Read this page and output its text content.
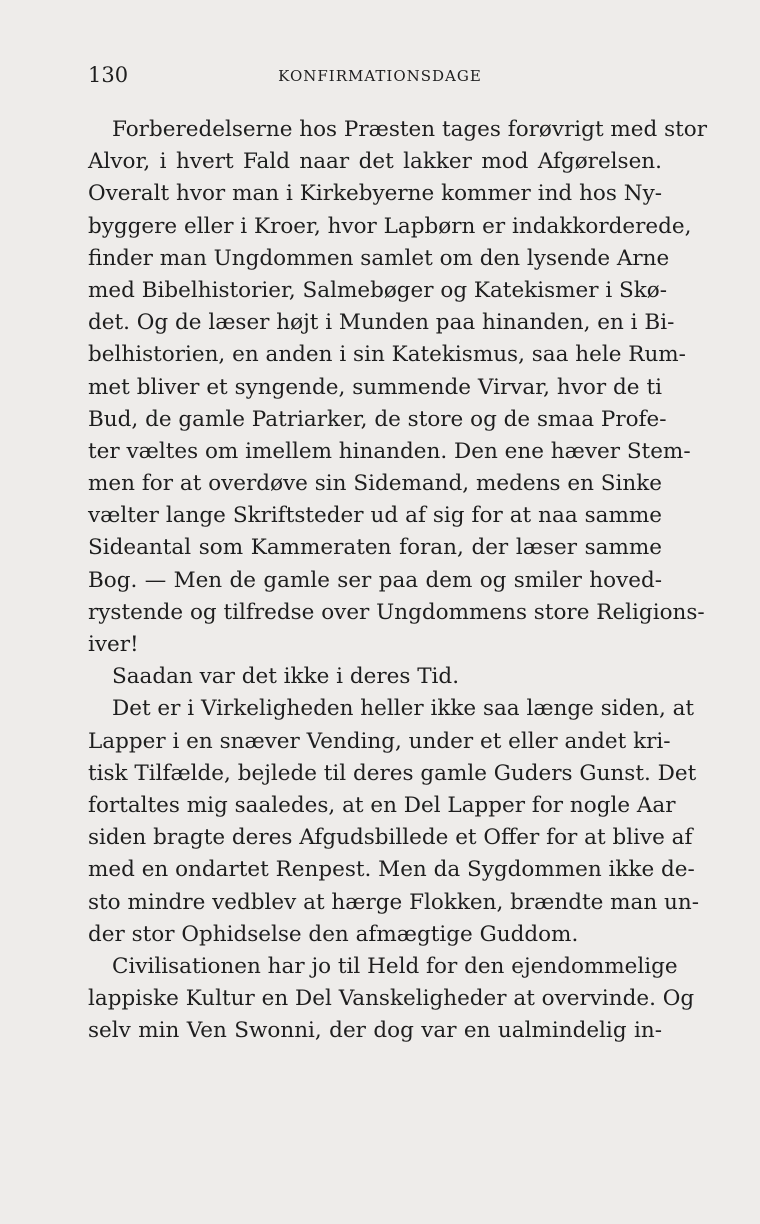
130	KONFIRMATIONSDAGE
Forberedelserne hos Præsten tages forøvrigt med stor
Alvor, i hvert Fald naar det lakker mod Afgørelsen.
Overalt hvor man i Kirkebyerne kommer ind hos Ny-
byggere eller i Kroer, hvor Lapbørn er indakkorderede,
finder man Ungdommen samlet om den lysende Arne
med Bibelhistorier, Salmebøger og Katekismer i Skø-
det. Og de læser højt i Munden paa hinanden, en i Bi-
belhistorien, en anden i sin Katekismus, saa hele Rum-
met bliver et syngende, summende Virvar, hvor de ti
Bud, de gamle Patriarker, de store og de smaa Profe-
ter væltes om imellem hinanden. Den ene hæver Stem-
men for at overdøve sin Sidemand, medens en Sinke
vælter lange Skriftsteder ud af sig for at naa samme
Sideantal som Kammeraten foran, der læser samme
Bog. — Men de gamle ser paa dem og smiler hoved-
rystende og tilfredse over Ungdommens store Religions-
iver!
Saadan var det ikke i deres Tid.
Det er i Virkeligheden heller ikke saa længe siden, at
Lapper i en snæver Vending, under et eller andet kri-
tisk Tilfælde, bejlede til deres gamle Guders Gunst. Det
fortaltes mig saaledes, at en Del Lapper for nogle Aar
siden bragte deres Afgudsbillede et Offer for at blive af
med en ondartet Renpest. Men da Sygdommen ikke de-
sto mindre vedblev at hærge Flokken, brændte man un-
der stor Ophidselse den afmægtige Guddom.
Civilisationen har jo til Held for den ejendommelige
lappiske Kultur en Del Vanskeligheder at overvinde. Og
selv min Ven Swonni, der dog var en ualmindelig in-
